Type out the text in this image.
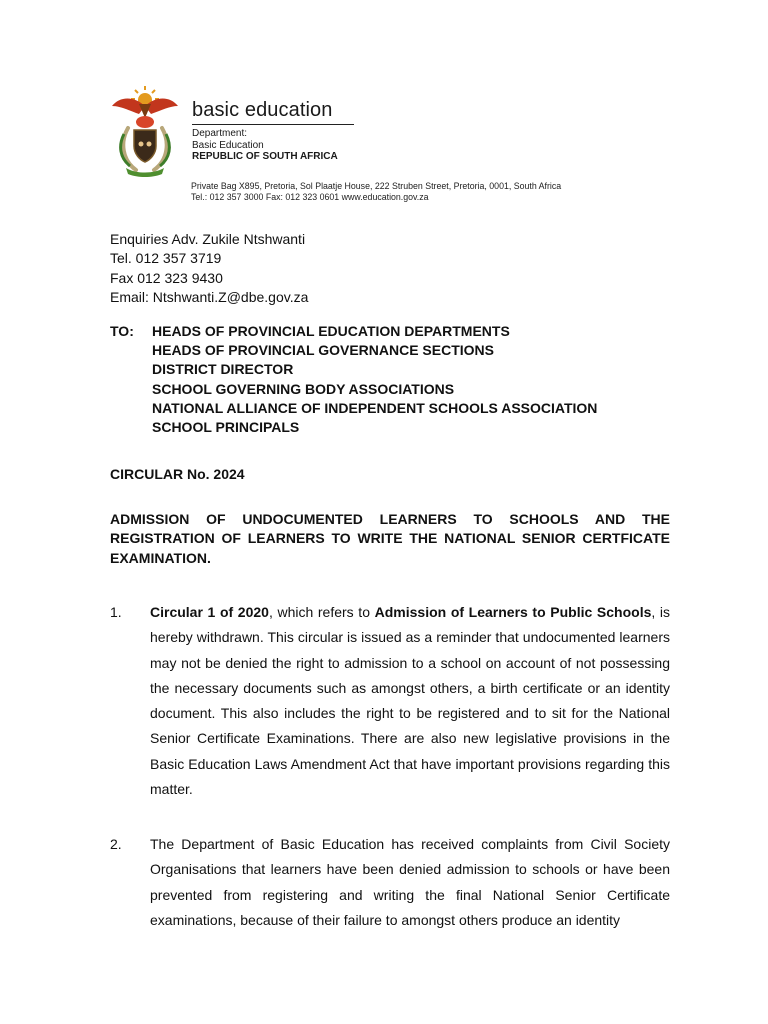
basic education
Department:
Basic Education
REPUBLIC OF SOUTH AFRICA
Private Bag X895, Pretoria, Sol Plaatje House, 222 Struben Street, Pretoria, 0001, South Africa
Tel.: 012 357 3000 Fax: 012 323 0601 www.education.gov.za
Enquiries Adv. Zukile Ntshwanti
Tel. 012 357 3719
Fax 012 323 9430
Email: Ntshwanti.Z@dbe.gov.za
TO: HEADS OF PROVINCIAL EDUCATION DEPARTMENTS
HEADS OF PROVINCIAL GOVERNANCE SECTIONS
DISTRICT DIRECTOR
SCHOOL GOVERNING BODY ASSOCIATIONS
NATIONAL ALLIANCE OF INDEPENDENT SCHOOLS ASSOCIATION
SCHOOL PRINCIPALS
CIRCULAR No. 2024
ADMISSION OF UNDOCUMENTED LEARNERS TO SCHOOLS AND THE REGISTRATION OF LEARNERS TO WRITE THE NATIONAL SENIOR CERTFICATE EXAMINATION.
1. Circular 1 of 2020, which refers to Admission of Learners to Public Schools, is hereby withdrawn. This circular is issued as a reminder that undocumented learners may not be denied the right to admission to a school on account of not possessing the necessary documents such as amongst others, a birth certificate or an identity document. This also includes the right to be registered and to sit for the National Senior Certificate Examinations. There are also new legislative provisions in the Basic Education Laws Amendment Act that have important provisions regarding this matter.
2. The Department of Basic Education has received complaints from Civil Society Organisations that learners have been denied admission to schools or have been prevented from registering and writing the final National Senior Certificate examinations, because of their failure to amongst others produce an identity
